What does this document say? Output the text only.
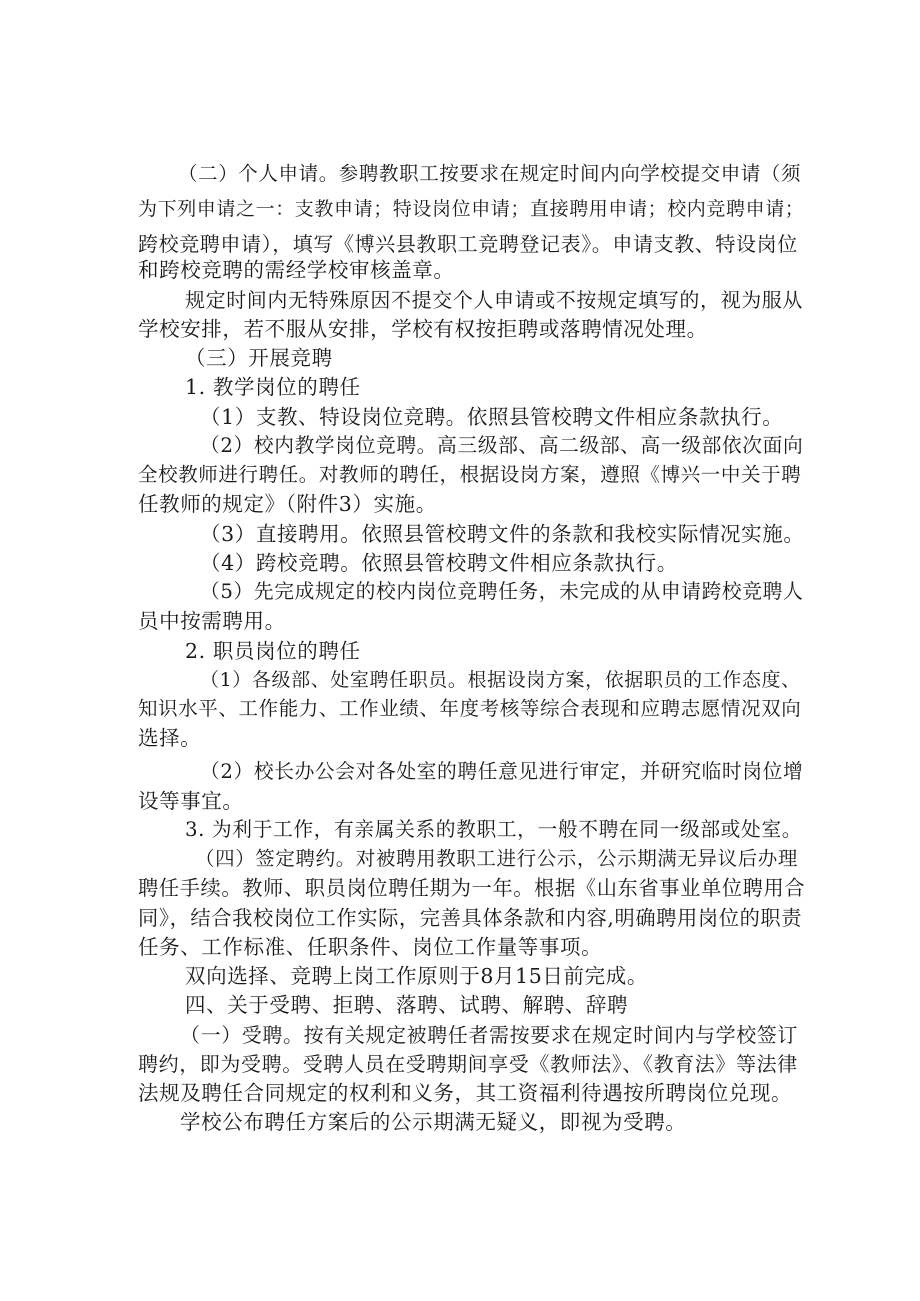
（二）个人申请。参聘教职工按要求在规定时间内向学校提交申请（须
为下列申请之一：支教申请；特设岗位申请；直接聘用申请；校内竞聘申请；
跨校竞聘申请），填写《博兴县教职工竞聘登记表》。申请支教、特设岗位
和跨校竞聘的需经学校审核盖章。
规定时间内无特殊原因不提交个人申请或不按规定填写的，视为服从
学校安排，若不服从安排，学校有权按拒聘或落聘情况处理。
（三）开展竞聘
1. 教学岗位的聘任
（1）支教、特设岗位竞聘。依照县管校聘文件相应条款执行。
（2）校内教学岗位竞聘。高三级部、高二级部、高一级部依次面向
全校教师进行聘任。对教师的聘任，根据设岗方案，遵照《博兴一中关于聘
任教师的规定》（附件3）实施。
（3）直接聘用。依照县管校聘文件的条款和我校实际情况实施。
（4）跨校竞聘。依照县管校聘文件相应条款执行。
（5）先完成规定的校内岗位竞聘任务，未完成的从申请跨校竞聘人
员中按需聘用。
2. 职员岗位的聘任
（1）各级部、处室聘任职员。根据设岗方案，依据职员的工作态度、
知识水平、工作能力、工作业绩、年度考核等综合表现和应聘志愿情况双向
选择。
（2）校长办公会对各处室的聘任意见进行审定，并研究临时岗位增
设等事宜。
3. 为利于工作，有亲属关系的教职工，一般不聘在同一级部或处室。
（四）签定聘约。对被聘用教职工进行公示，公示期满无异议后办理
聘任手续。教师、职员岗位聘任期为一年。根据《山东省事业单位聘用合
同》，结合我校岗位工作实际，完善具体条款和内容,明确聘用岗位的职责
任务、工作标准、任职条件、岗位工作量等事项。
双向选择、竞聘上岗工作原则于8月15日前完成。
四、关于受聘、拒聘、落聘、试聘、解聘、辞聘
（一）受聘。按有关规定被聘任者需按要求在规定时间内与学校签订
聘约，即为受聘。受聘人员在受聘期间享受《教师法》、《教育法》等法律
法规及聘任合同规定的权利和义务，其工资福利待遇按所聘岗位兑现。
学校公布聘任方案后的公示期满无疑义，即视为受聘。
